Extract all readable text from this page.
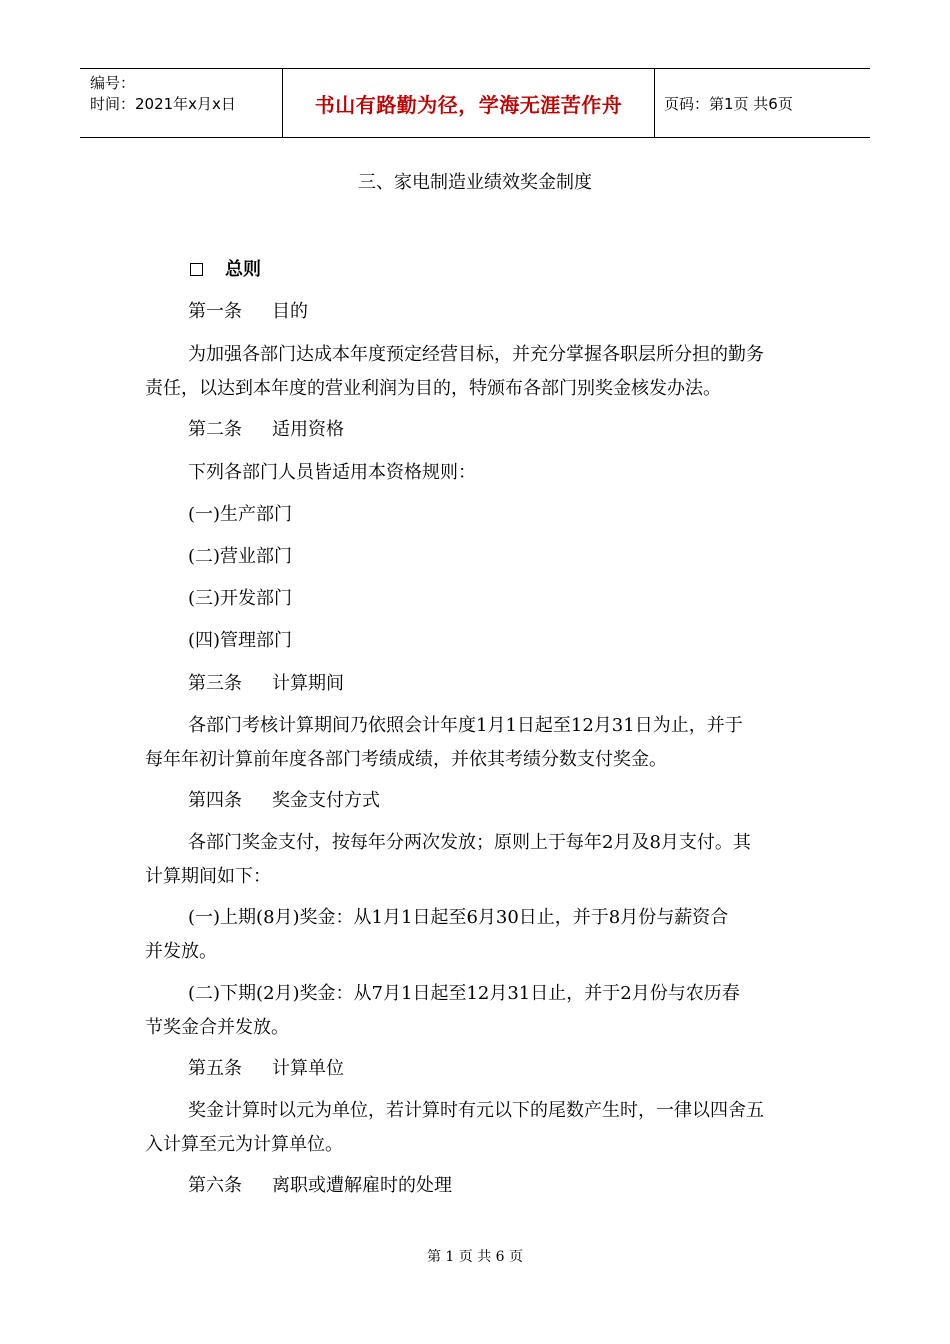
编号：
时间：2021年x月x日	书山有路勤为径，学海无涯苦作舟	页码：第1页 共6页
三、家电制造业绩效奖金制度
总则
第一条 目的
为加强各部门达成本年度预定经营目标，并充分掌握各职层所分担的勤务
责任，以达到本年度的营业利润为目的，特颁布各部门别奖金核发办法。
第二条 适用资格
下列各部门人员皆适用本资格规则：
(一)生产部门
(二)营业部门
(三)开发部门
(四)管理部门
第三条 计算期间
各部门考核计算期间乃依照会计年度1月1日起至12月31日为止，并于
每年年初计算前年度各部门考绩成绩，并依其考绩分数支付奖金。
第四条 奖金支付方式
各部门奖金支付，按每年分两次发放；原则上于每年2月及8月支付。其
计算期间如下：
(一)上期(8月)奖金：从1月1日起至6月30日止，并于8月份与薪资合
并发放。
(二)下期(2月)奖金：从7月1日起至12月31日止，并于2月份与农历春
节奖金合并发放。
第五条 计算单位
奖金计算时以元为单位，若计算时有元以下的尾数产生时，一律以四舍五
入计算至元为计算单位。
第六条 离职或遭解雇时的处理
第 1 页 共 6 页
